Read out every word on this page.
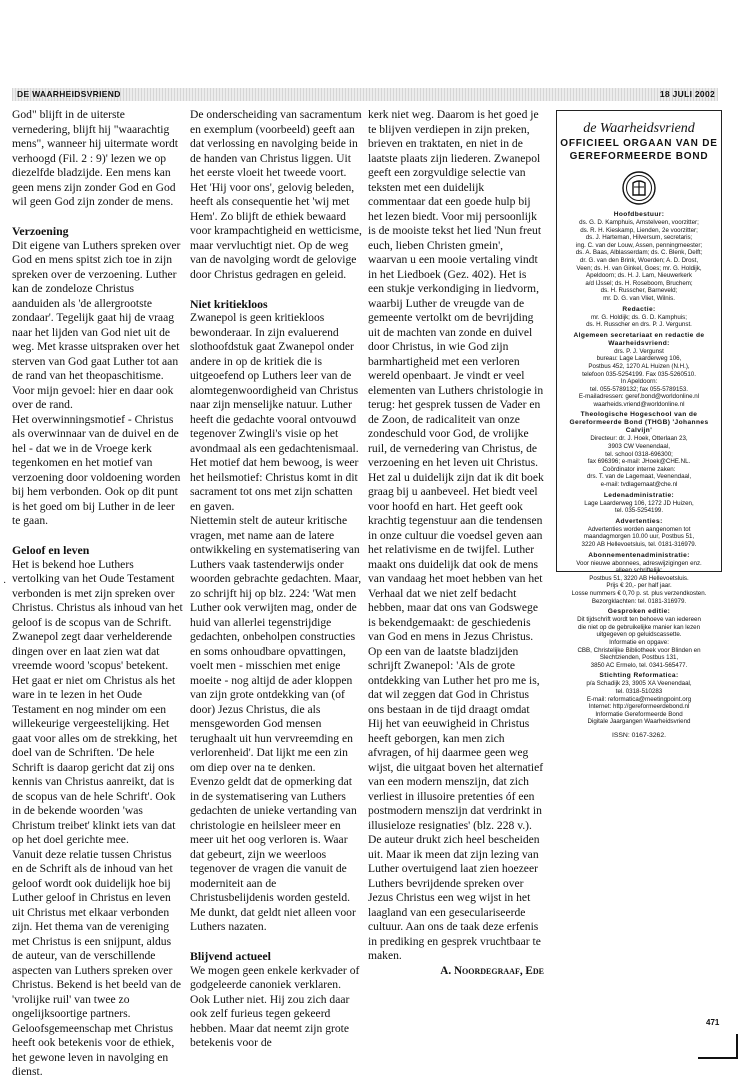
DE WAARHEIDSVRIEND	18 JULI 2002

God" blijft in de uiterste vernedering, blijft hij "waarachtig mens", wanneer hij uitermate wordt verhoogd (Fil. 2 : 9)' lezen we op diezelfde bladzijde. Een mens kan geen mens zijn zonder God en God wil geen God zijn zonder de mens.

Verzoening

Dit eigene van Luthers spreken over God en mens spitst zich toe in zijn spreken over de verzoening. Luther kan de zondeloze Christus aanduiden als 'de allergrootste zondaar'. Tegelijk gaat hij de vraag naar het lijden van God niet uit de weg. Met krasse uitspraken over het sterven van God gaat Luther tot aan de rand van het theopaschitisme. Voor mijn gevoel: hier en daar ook over de rand.

Het overwinningsmotief - Christus als overwinnaar van de duivel en de hel - dat we in de Vroege kerk tegenkomen en het motief van verzoening door voldoening worden bij hem verbonden. Ook op dit punt is het goed om bij Luther in de leer te gaan.

Geloof en leven

Het is bekend hoe Luthers vertolking van het Oude Testament verbonden is met zijn spreken over Christus. Christus als inhoud van het geloof is de scopus van de Schrift. Zwanepol zegt daar verhelderende dingen over en laat zien wat dat vreemde woord 'scopus' betekent. Het gaat er niet om Christus als het ware in te lezen in het Oude Testament en nog minder om een willekeurige vergeestelijking. Het gaat voor alles om de strekking, het doel van de Schriften. 'De hele Schrift is daarop gericht dat zij ons kennis van Christus aanreikt, dat is de scopus van de hele Schrift'. Ook in de bekende woorden 'was Christum treibet' klinkt iets van dat op het doel gerichte mee.

Vanuit deze relatie tussen Christus en de Schrift als de inhoud van het geloof wordt ook duidelijk hoe bij Luther geloof in Christus en leven uit Christus met elkaar verbonden zijn. Het thema van de vereniging met Christus is een snijpunt, aldus de auteur, van de verschillende aspecten van Luthers spreken over Christus. Bekend is het beeld van de 'vrolijke ruil' van twee zo ongelijksoortige partners.

Geloofsgemeenschap met Christus heeft ook betekenis voor de ethiek, het gewone leven in navolging en dienst.

De onderscheiding van sacramentum en exemplum (voorbeeld) geeft aan dat verlossing en navolging beide in de handen van Christus liggen. Uit het eerste vloeit het tweede voort. Het 'Hij voor ons', gelovig beleden, heeft als consequentie het 'wij met Hem'. Zo blijft de ethiek bewaard voor krampachtigheid en wetticisme, maar vervluchtigt niet. Op de weg van de navolging wordt de gelovige door Christus gedragen en geleid.

Niet kritiekloos

Zwanepol is geen kritiekloos bewonderaar. In zijn evaluerend slothoofdstuk gaat Zwanepol onder andere in op de kritiek die is uitgeoefend op Luthers leer van de alomtegenwoordigheid van Christus naar zijn menselijke natuur. Luther heeft die gedachte vooral ontvouwd tegenover Zwingli's visie op het avondmaal als een gedachtenismaal. Het motief dat hem bewoog, is weer het heilsmotief: Christus komt in dit sacrament tot ons met zijn schatten en gaven.

Niettemin stelt de auteur kritische vragen, met name aan de latere ontwikkeling en systematisering van Luthers vaak tastenderwijs onder woorden gebrachte gedachten. Maar, zo schrijft hij op blz. 224: 'Wat men Luther ook verwijten mag, onder de huid van allerlei tegenstrijdige gedachten, onbeholpen constructies en soms onhoudbare opvattingen, voelt men - misschien met enige moeite - nog altijd de ader kloppen van zijn grote ontdekking van (of door) Jezus Christus, die als mensgeworden God mensen terughaalt uit hun vervreemding en verlorenheid'. Dat lijkt me een zin om diep over na te denken.

Evenzo geldt dat de opmerking dat in de systematisering van Luthers gedachten de unieke vertanding van christologie en heilsleer meer en meer uit het oog verloren is. Waar dat gebeurt, zijn we weerloos tegenover de vragen die vanuit de moderniteit aan de Christusbelijdenis worden gesteld. Me dunkt, dat geldt niet alleen voor Luthers nazaten.

Blijvend actueel

We mogen geen enkele kerkvader of godgeleerde canoniek verklaren. Ook Luther niet. Hij zou zich daar ook zelf furieus tegen gekeerd hebben. Maar dat neemt zijn grote betekenis voor de

kerk niet weg. Daarom is het goed je te blijven verdiepen in zijn preken, brieven en traktaten, en niet in de laatste plaats zijn liederen. Zwanepol geeft een zorgvuldige selectie van teksten met een duidelijk commentaar dat een goede hulp bij het lezen biedt. Voor mij persoonlijk is de mooiste tekst het lied 'Nun freut euch, lieben Christen gmein', waarvan u een mooie vertaling vindt in het Liedboek (Gez. 402). Het is een stukje verkondiging in liedvorm, waarbij Luther de vreugde van de gemeente vertolkt om de bevrijding uit de machten van zonde en duivel door Christus, in wie God zijn barmhartigheid met een verloren wereld openbaart. Je vindt er veel elementen van Luthers christologie in terug: het gesprek tussen de Vader en de Zoon, de radicaliteit van onze zondeschuld voor God, de vrolijke ruil, de vernedering van Christus, de verzoening en het leven uit Christus.

Het zal u duidelijk zijn dat ik dit boek graag bij u aanbeveel. Het biedt veel voor hoofd en hart. Het geeft ook krachtig tegenstuur aan die tendensen in onze cultuur die voedsel geven aan het relativisme en de twijfel. Luther maakt ons duidelijk dat ook de mens van vandaag het moet hebben van het Verhaal dat we niet zelf bedacht hebben, maar dat ons van Godswege is bekendgemaakt: de geschiedenis van God en mens in Jezus Christus. Op een van de laatste bladzijden schrijft Zwanepol: 'Als de grote ontdekking van Luther het pro me is, dat wil zeggen dat God in Christus ons bestaan in de tijd draagt omdat Hij het van eeuwigheid in Christus heeft geborgen, kan men zich afvragen, of hij daarmee geen weg wijst, die uitgaat boven het alternatief van een modern menszijn, dat zich verliest in illusoire pretenties óf een postmodern menszijn dat verdrinkt in illusieloze resignaties' (blz. 228 v.). De auteur drukt zich heel bescheiden uit. Maar ik meen dat zijn lezing van Luther overtuigend laat zien hoezeer Luthers bevrijdende spreken over Jezus Christus een weg wijst in het laagland van een geseculariseerde cultuur. Aan ons de taak deze erfenis in prediking en gesprek vruchtbaar te maken.

A. Noordegraaf, Ede

·
de Waarheidsvriend
OFFICIEEL ORGAAN VAN DE GEREFORMEERDE BOND
Hoofdbestuur:
ds. G. D. Kamphuis, Amstelveen, voorzitter;
ds. R. H. Kieskamp, Lienden, 2e voorzitter;
ds. J. Harteman, Hilversum, secretaris;
ing. C. van der Louw, Assen, penningmeester;
ds. A. Baas, Alblasserdam; ds. C. Blenk, Delft;
dr. G. van den Brink, Woerden; A. D. Drost,
Veen; ds. H. van Ginkel, Goes; mr. G. Holdijk,
Apeldoorn; ds. H. J. Lam, Nieuwerkerk
a/d IJssel; ds. H. Roseboom, Bruchem;
ds. H. Russcher, Barneveld;
mr. D. G. van Vliet, Wilnis.
Redactie:
mr. G. Holdijk; ds. G. D. Kamphuis;
ds. H. Russcher en drs. P. J. Vergunst.
Algemeen secretariaat en redactie de Waarheidsvriend:
drs. P. J. Vergunst
bureau: Lage Laarderweg 106,
Postbus 452, 1270 AL Huizen (N.H.),
telefoon 035-5254199. Fax 035-5260510.
In Apeldoorn:
tel. 055-5789132; fax 055-5789153.
E-mailadressen: geref.bond@worldonline.nl
waarheids.vriend@worldonline.nl
Theologische Hogeschool van de Gereformeerde Bond (THGB) 'Johannes Calvijn'
Directeur: dr. J. Hoek, Otterlaan 23,
3903 CW Veenendaal,
tel. school 0318-696300;
fax 696396; e-mail: JHoek@CHE.NL.
Coördinator interne zaken:
drs. T. van de Lagemaat, Veenendaal,
e-mail: tvdlagemaat@che.nl
Ledenadministratie:
Lage Laarderweg 106, 1272 JD Huizen,
tel. 035-5254199.
Advertenties:
Advertenties worden aangenomen tot
maandagmorgen 10.00 uur, Postbus 51,
3220 AB Hellevoetsluis, tel. 0181-316979.
Abonnementenadministratie:
Voor nieuwe abonnees, adreswijzigingen enz.
alleen schriftelijk:
Postbus 51, 3220 AB Hellevoetsluis.
Prijs € 20,- per half jaar.
Losse nummers € 0,70 p. st. plus verzendkosten. Bezorgklachten: tel. 0181-316979.
Gesproken editie:
Dit tijdschrift wordt ten behoeve van iedereen
die niet op de gebruikelijke manier kan lezen
uitgegeven op geluidscassette.
Informatie en opgave:
CBB, Christelijke Bibliotheek voor Blinden en
Slechtzienden, Postbus 131,
3850 AC Ermelo, tel. 0341-565477.
Stichting Reformatica:
p/a Schadijk 23, 3905 XA Veenendaal,
tel. 0318-510283
E-mail: reformatica@meetingpoint.org
Internet: http://gereformeerdebond.nl
Informatie Gereformeerde Bond
Digitale Jaargangen Waarheidsvriend
ISSN: 0167-3262.
471
